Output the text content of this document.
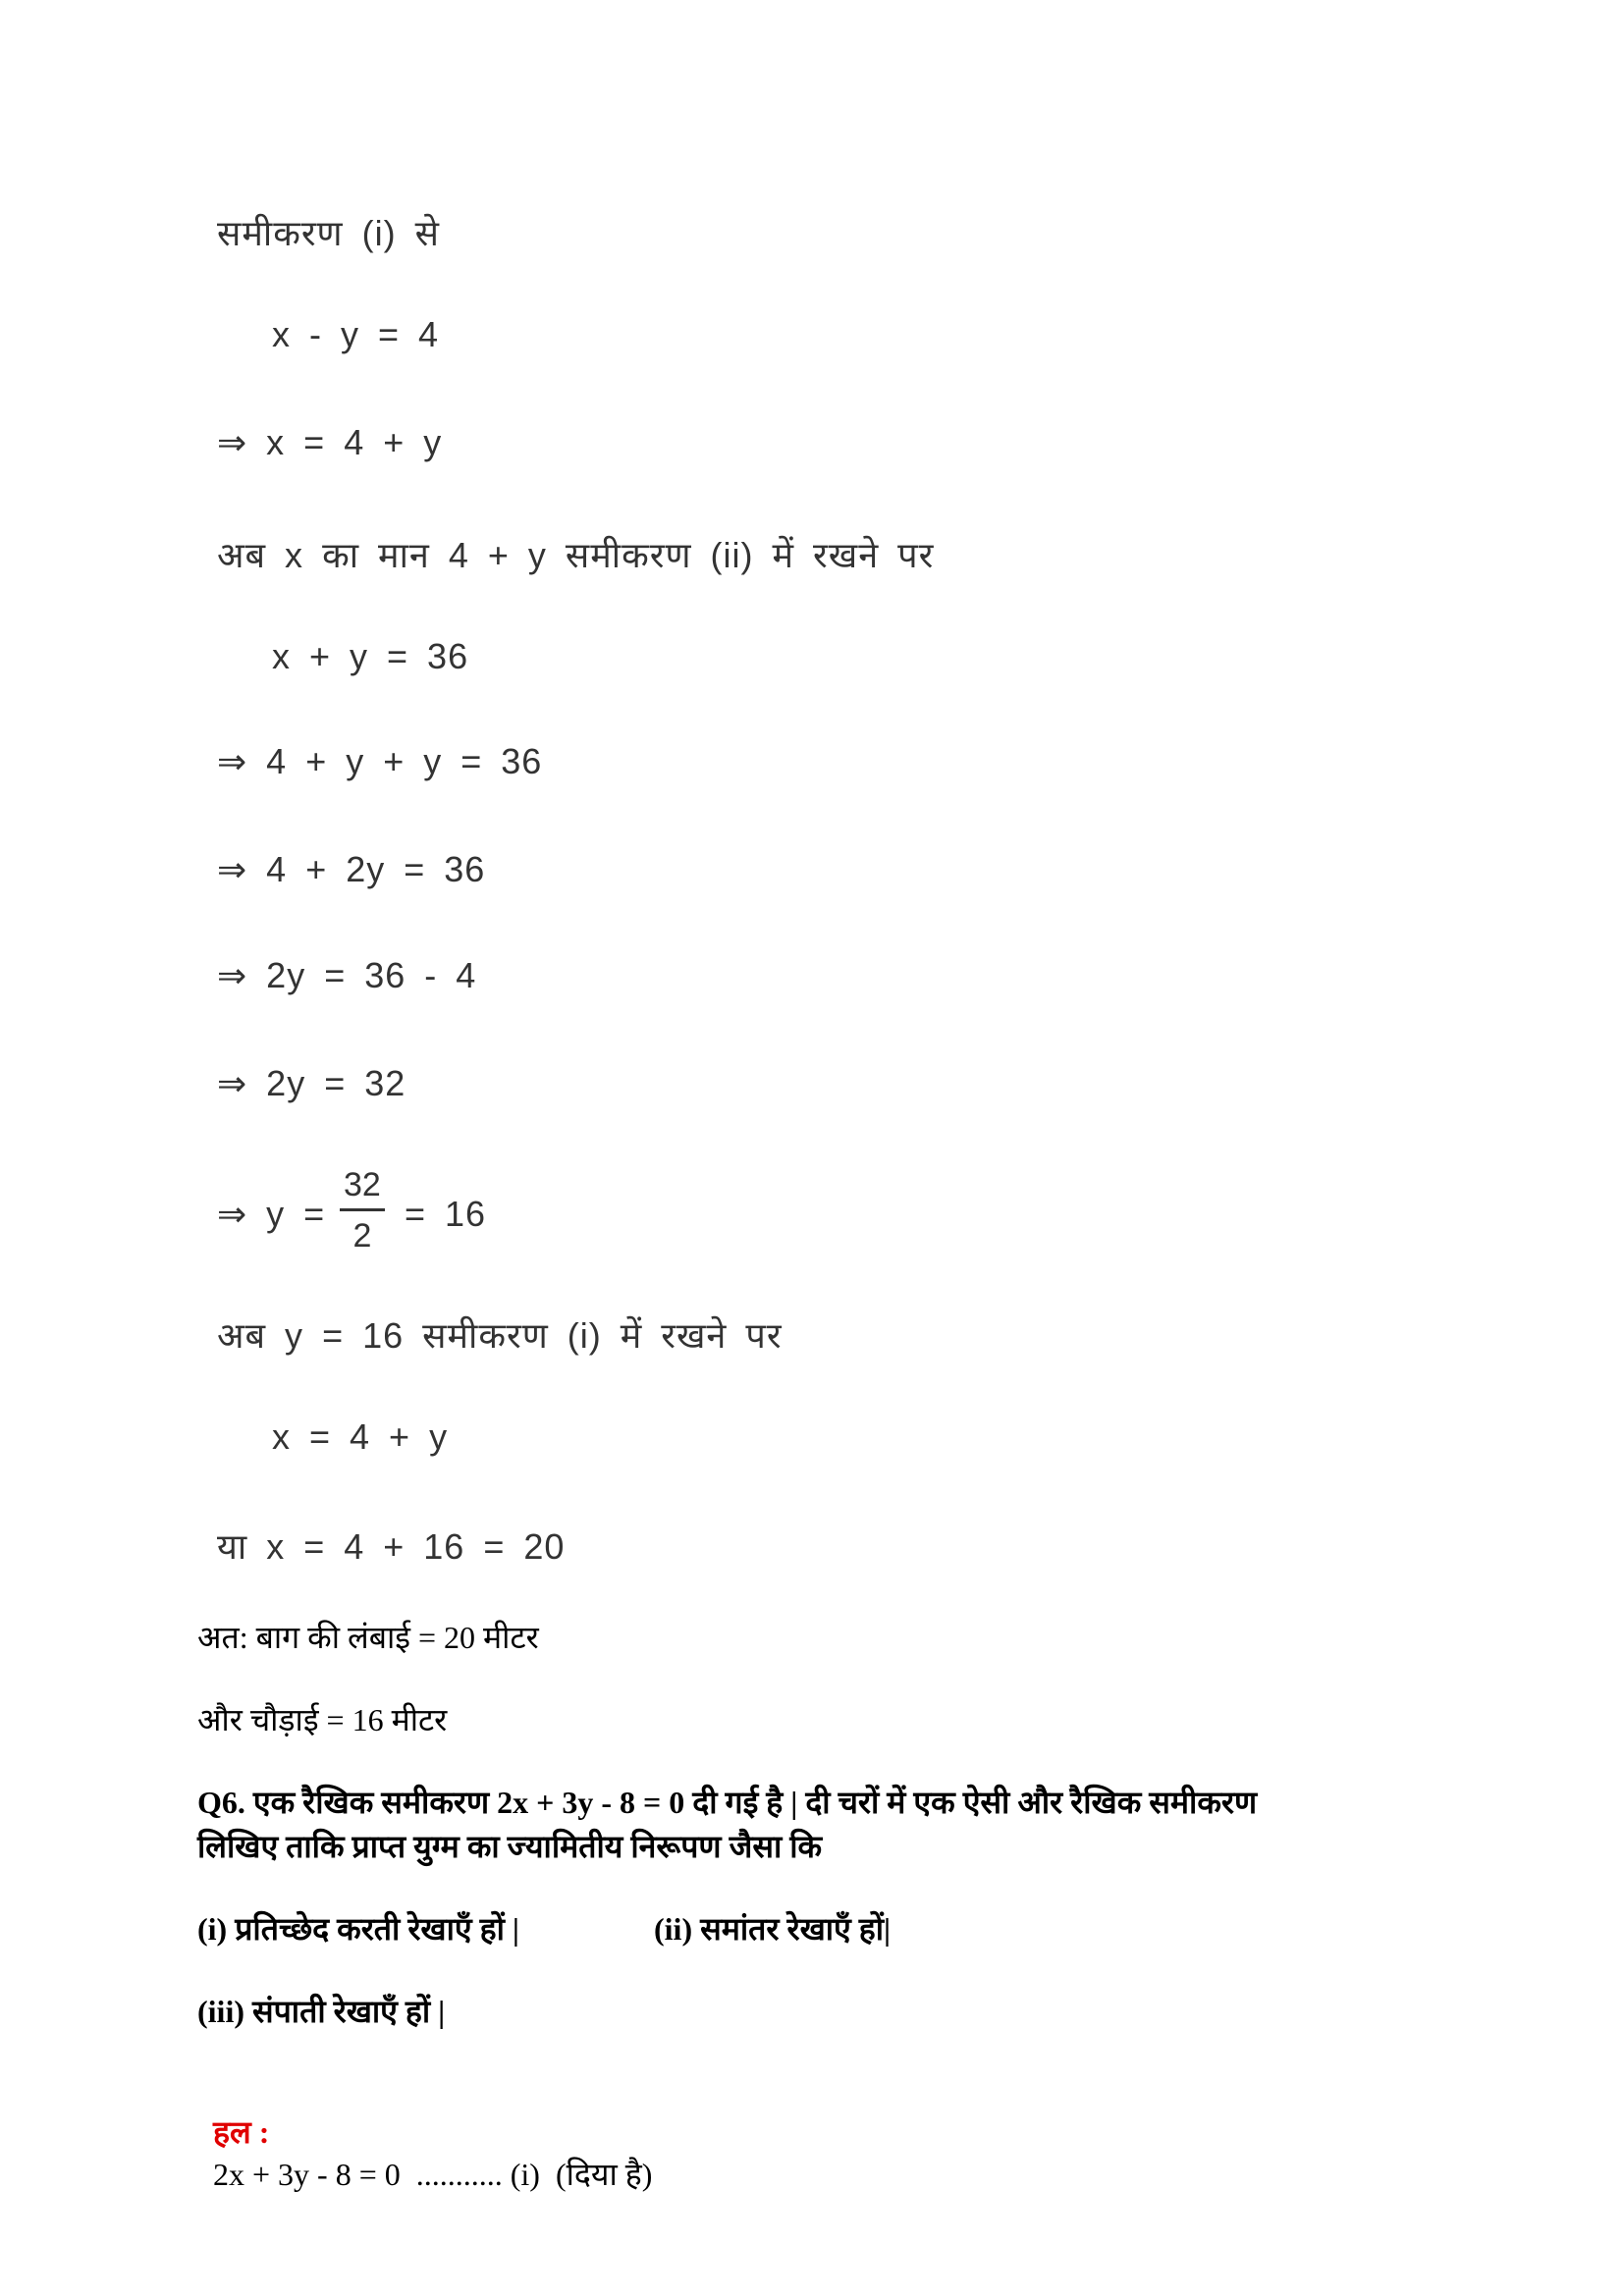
समीकरण (i) से
x - y = 4
⇒ x = 4 + y
अब x का मान 4 + y समीकरण (ii) में रखने पर
x + y = 36
⇒ 4 + y + y = 36
⇒ 4 + 2y = 36
⇒ 2y = 36 - 4
⇒ 2y = 32
⇒ $y = \frac{32}{2} = 16$
अब y = 16 समीकरण (i) में रखने पर
x = 4 + y
या x = 4 + 16 = 20
अत: बाग की लंबाई = 20 मीटर
और चौड़ाई = 16 मीटर
Q6. एक रैखिक समीकरण 2x + 3y - 8 = 0 दी गई है | दी चरों में एक ऐसी और रैखिक समीकरण
लिखिए ताकि प्राप्त युग्म का ज्यामितीय निरूपण जैसा कि
(i) प्रतिच्छेद करती रेखाएँ हों |	(ii) समांतर रेखाएँ हों|
(iii) संपाती रेखाएँ हों |

हल :
2x + 3y - 8 = 0  ........... (i)  (दिया है)
